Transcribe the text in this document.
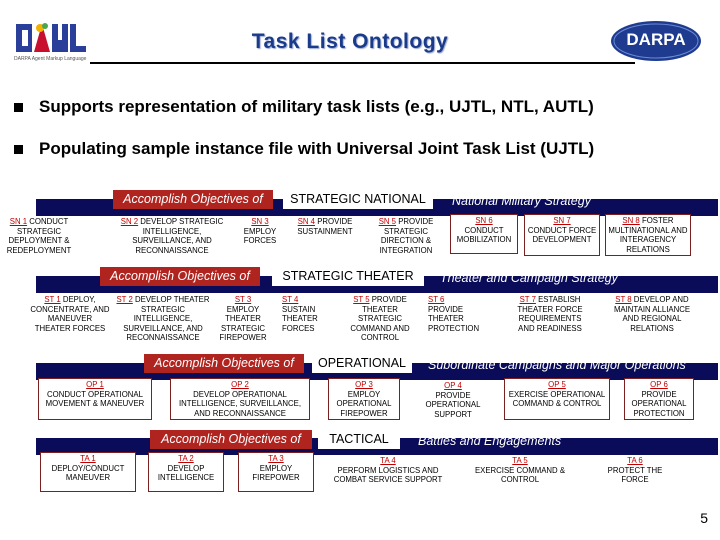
DARPA Agent Markup Language
Task List Ontology	DARPA
Supports representation of military task lists (e.g., UJTL, NTL, AUTL)
Populating sample instance file with Universal Joint Task List (UJTL)
Accomplish Objectives of	STRATEGIC NATIONAL	National Military Strategy
SN 1 CONDUCT STRATEGIC DEPLOYMENT & REDEPLOYMENT
SN 2 DEVELOP STRATEGIC INTELLIGENCE, SURVEILLANCE, AND RECONNAISSANCE
SN 3 EMPLOY FORCES
SN 4 PROVIDE SUSTAINMENT
SN 5 PROVIDE STRATEGIC DIRECTION & INTEGRATION
SN 6
CONDUCT MOBILIZATION
SN 7
CONDUCT FORCE DEVELOPMENT
SN 8 FOSTER MULTINATIONAL AND INTERAGENCY RELATIONS
Accomplish Objectives of	STRATEGIC THEATER	Theater and Campaign Strategy
ST 1 DEPLOY, CONCENTRATE, AND MANEUVER THEATER FORCES
ST 2 DEVELOP THEATER STRATEGIC INTELLIGENCE, SURVEILLANCE, AND RECONNAISSANCE
ST 3
EMPLOY THEATER STRATEGIC FIREPOWER
ST 4 SUSTAIN THEATER FORCES
ST 5 PROVIDE THEATER STRATEGIC COMMAND AND CONTROL
ST 6
PROVIDE THEATER PROTECTION
ST 7 ESTABLISH THEATER FORCE REQUIREMENTS AND READINESS
ST 8 DEVELOP AND MAINTAIN ALLIANCE AND REGIONAL RELATIONS
Accomplish Objectives of	OPERATIONAL	Subordinate Campaigns and Major Operations
OP 1
CONDUCT OPERATIONAL MOVEMENT & MANEUVER
OP 2
DEVELOP OPERATIONAL INTELLIGENCE, SURVEILLANCE, AND RECONNAISSANCE
OP 3
EMPLOY OPERATIONAL FIREPOWER
OP 4
PROVIDE OPERATIONAL SUPPORT
OP 5
EXERCISE OPERATIONAL COMMAND & CONTROL
OP 6
PROVIDE OPERATIONAL PROTECTION
Accomplish Objectives of	TACTICAL	Battles and Engagements
TA 1
DEPLOY/CONDUCT MANEUVER
TA 2
DEVELOP INTELLIGENCE
TA 3
EMPLOY FIREPOWER
TA 4
PERFORM LOGISTICS AND COMBAT SERVICE SUPPORT
TA 5
EXERCISE COMMAND & CONTROL
TA 6
PROTECT THE FORCE
5
